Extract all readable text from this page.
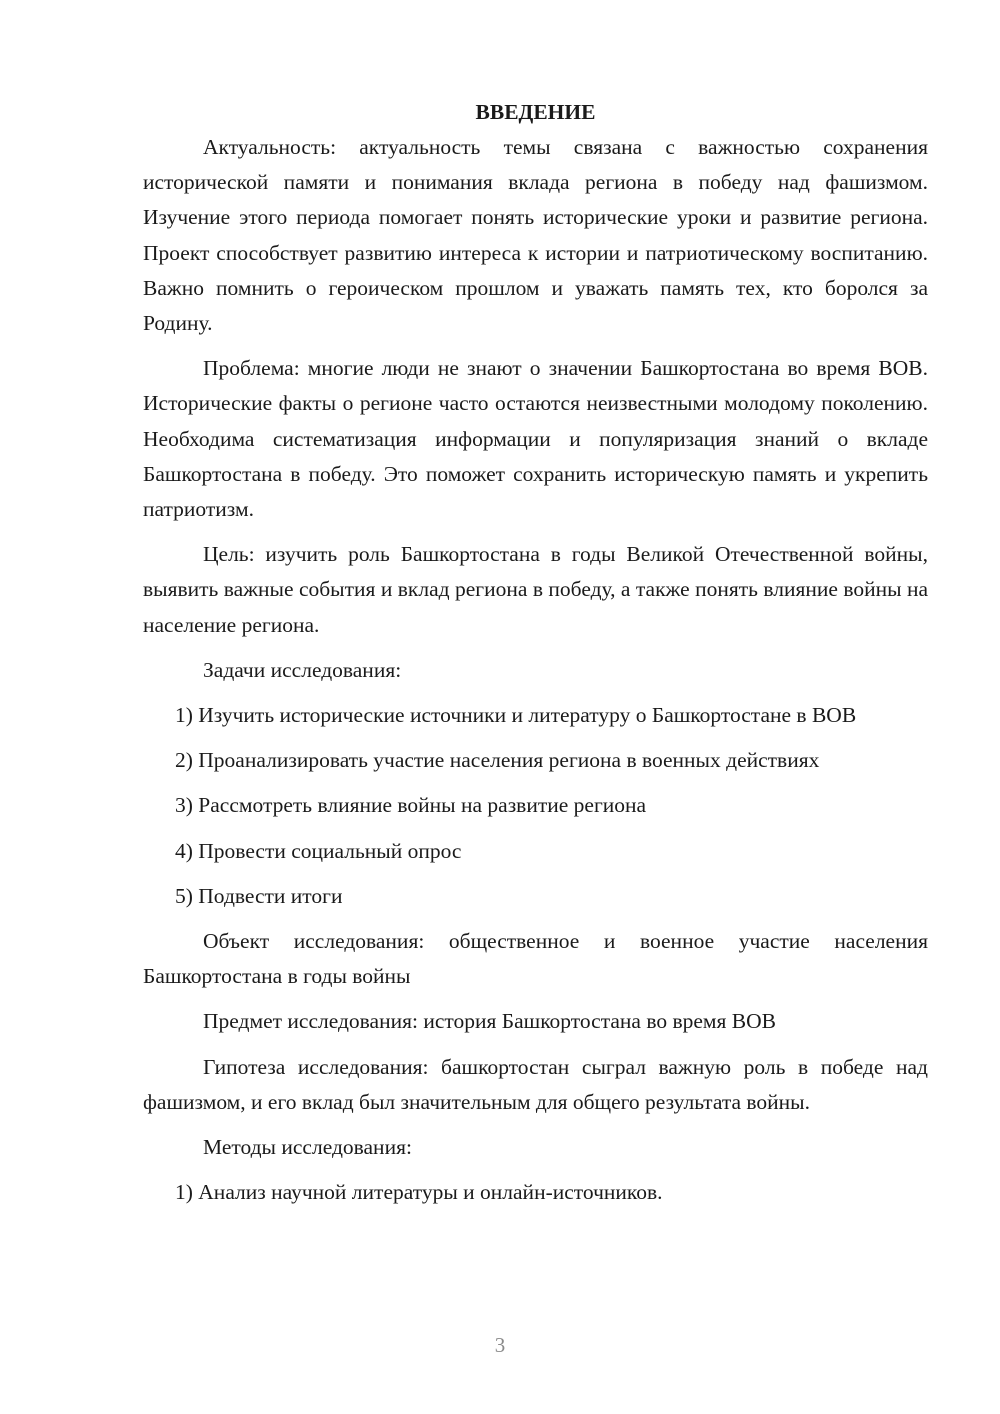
ВВЕДЕНИЕ

Актуальность: актуальность темы связана с важностью сохранения исторической памяти и понимания вклада региона в победу над фашизмом. Изучение этого периода помогает понять исторические уроки и развитие региона. Проект способствует развитию интереса к истории и патриотическому воспитанию. Важно помнить о героическом прошлом и уважать память тех, кто боролся за Родину.

Проблема: многие люди не знают о значении Башкортостана во время ВОВ. Исторические факты о регионе часто остаются неизвестными молодому поколению. Необходима систематизация информации и популяризация знаний о вкладе Башкортостана в победу. Это поможет сохранить историческую память и укрепить патриотизм.

Цель: изучить роль Башкортостана в годы Великой Отечественной войны, выявить важные события и вклад региона в победу, а также понять влияние войны на население региона.

Задачи исследования:

1) Изучить исторические источники и литературу о Башкортостане в ВОВ

2) Проанализировать участие населения региона в военных действиях

3) Рассмотреть влияние войны на развитие региона

4) Провести социальный опрос

5) Подвести итоги

Объект исследования: общественное и военное участие населения Башкортостана в годы войны

Предмет исследования: история Башкортостана во время ВОВ

Гипотеза исследования: башкортостан сыграл важную роль в победе над фашизмом, и его вклад был значительным для общего результата войны.

Методы исследования:

1) Анализ научной литературы и онлайн-источников.

3
